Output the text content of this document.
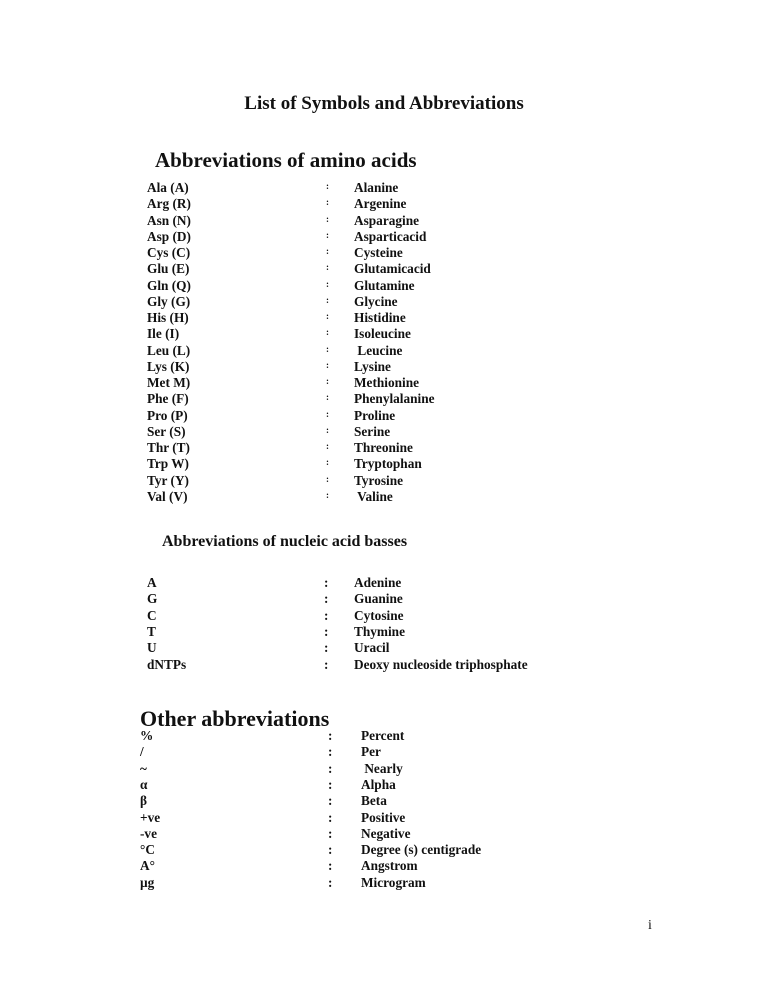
List of Symbols and Abbreviations
Abbreviations of amino acids
Ala (A)	: Alanine
Arg (R)	: Argenine
Asn (N)	: Asparagine
Asp (D)	: Asparticacid
Cys (C)	: Cysteine
Glu (E)	: Glutamicacid
Gln (Q)	: Glutamine
Gly (G)	: Glycine
His (H)	: Histidine
Ile (I)	: Isoleucine
Leu (L)	: Leucine
Lys (K)	: Lysine
Met M)	: Methionine
Phe (F)	: Phenylalanine
Pro (P)	: Proline
Ser (S)	: Serine
Thr (T)	: Threonine
Trp W)	: Tryptophan
Tyr (Y)	: Tyrosine
Val (V)	: Valine
Abbreviations of nucleic acid basses
A	: Adenine
G	: Guanine
C	: Cytosine
T	: Thymine
U	: Uracil
dNTPs	: Deoxy nucleoside triphosphate
Other abbreviations
%	: Percent
/	: Per
~	: Nearly
α	: Alpha
β	: Beta
+ve	: Positive
-ve	: Negative
°C	: Degree (s) centigrade
A°	: Angstrom
µg	: Microgram
i
